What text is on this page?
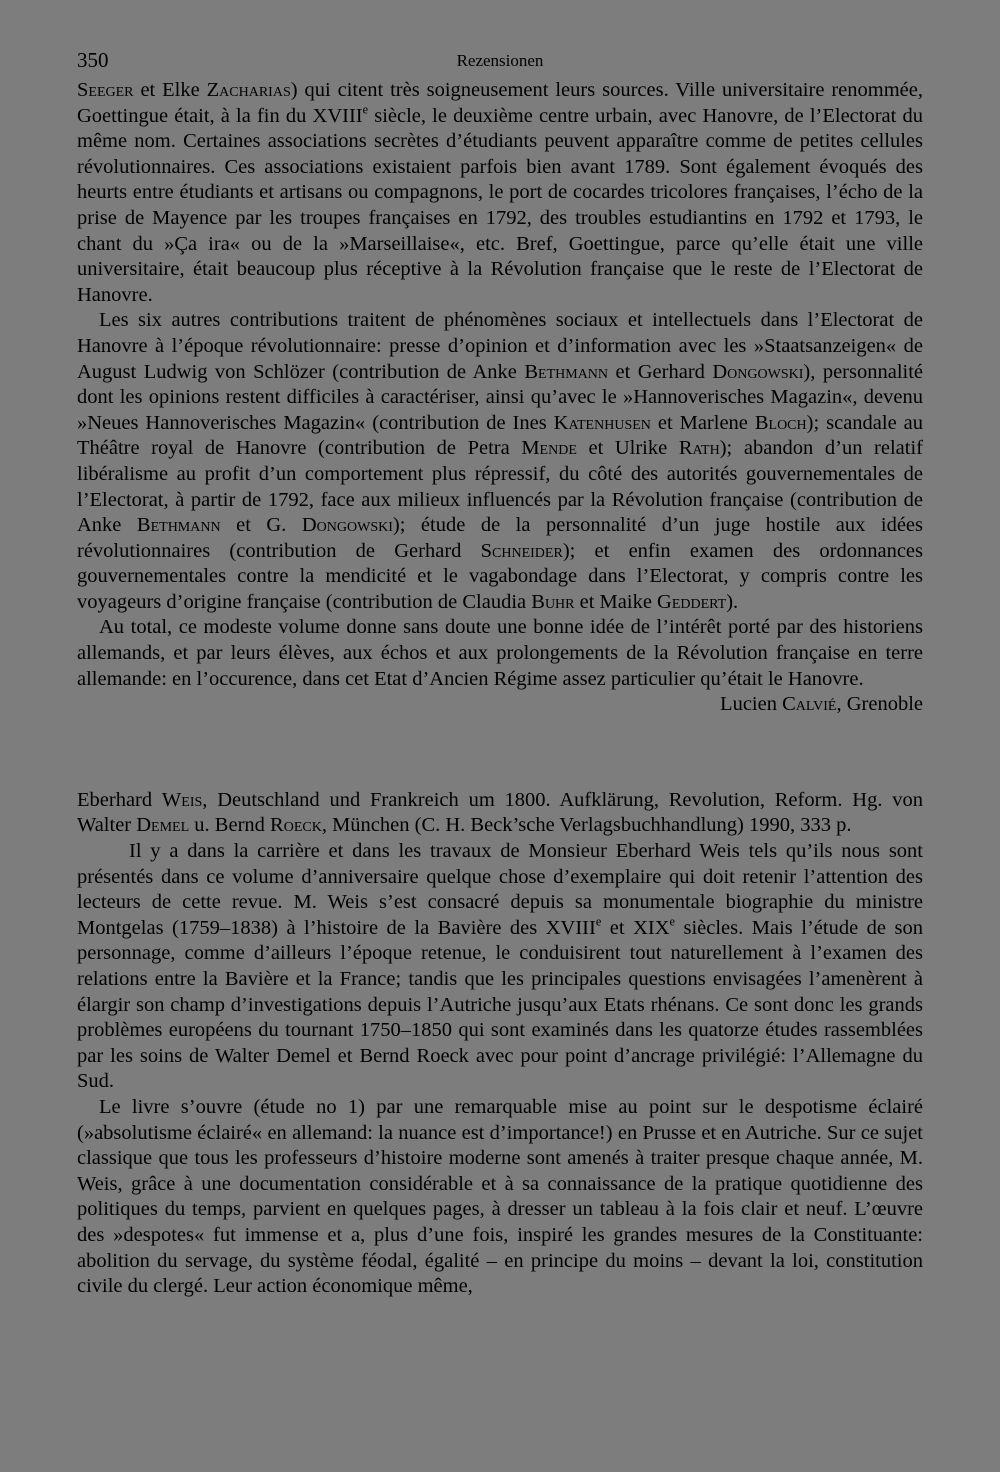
350	Rezensionen

Seeger et Elke Zacharias) qui citent très soigneusement leurs sources. Ville universitaire renommée, Goettingue était, à la fin du XVIIIe siècle, le deuxième centre urbain, avec Hanovre, de l’Electorat du même nom. Certaines associations secrètes d’étudiants peuvent apparaître comme de petites cellules révolutionnaires. Ces associations existaient parfois bien avant 1789. Sont également évoqués des heurts entre étudiants et artisans ou compagnons, le port de cocardes tricolores françaises, l’écho de la prise de Mayence par les troupes françaises en 1792, des troubles estudiantins en 1792 et 1793, le chant du »Ça ira« ou de la »Marseillaise«, etc. Bref, Goettingue, parce qu’elle était une ville universitaire, était beaucoup plus réceptive à la Révolution française que le reste de l’Electorat de Hanovre.

Les six autres contributions traitent de phénomènes sociaux et intellectuels dans l’Electorat de Hanovre à l’époque révolutionnaire: presse d’opinion et d’information avec les »Staatsanzeigen« de August Ludwig von Schlözer (contribution de Anke Bethmann et Gerhard Dongowski), personnalité dont les opinions restent difficiles à caractériser, ainsi qu’avec le »Hannoverisches Magazin«, devenu »Neues Hannoverisches Magazin« (contribution de Ines Katenhusen et Marlene Bloch); scandale au Théâtre royal de Hanovre (contribution de Petra Mende et Ulrike Rath); abandon d’un relatif libéralisme au profit d’un comportement plus répressif, du côté des autorités gouvernementales de l’Electorat, à partir de 1792, face aux milieux influencés par la Révolution française (contribution de Anke Bethmann et G. Dongowski); étude de la personnalité d’un juge hostile aux idées révolutionnaires (contribution de Gerhard Schneider); et enfin examen des ordonnances gouvernementales contre la mendicité et le vagabondage dans l’Electorat, y compris contre les voyageurs d’origine française (contribution de Claudia Buhr et Maike Geddert).

Au total, ce modeste volume donne sans doute une bonne idée de l’intérêt porté par des historiens allemands, et par leurs élèves, aux échos et aux prolongements de la Révolution française en terre allemande: en l’occurence, dans cet Etat d’Ancien Régime assez particulier qu’était le Hanovre.

Lucien Calvié, Grenoble

Eberhard Weis, Deutschland und Frankreich um 1800. Aufklärung, Revolution, Reform. Hg. von Walter Demel u. Bernd Roeck, München (C. H. Beck’sche Verlagsbuchhandlung) 1990, 333 p.

Il y a dans la carrière et dans les travaux de Monsieur Eberhard Weis tels qu’ils nous sont présentés dans ce volume d’anniversaire quelque chose d’exemplaire qui doit retenir l’attention des lecteurs de cette revue. M. Weis s’est consacré depuis sa monumentale biographie du ministre Montgelas (1759–1838) à l’histoire de la Bavière des XVIIIe et XIXe siècles. Mais l’étude de son personnage, comme d’ailleurs l’époque retenue, le conduisirent tout naturellement à l’examen des relations entre la Bavière et la France; tandis que les principales questions envisagées l’amenèrent à élargir son champ d’investigations depuis l’Autriche jusqu’aux Etats rhénans. Ce sont donc les grands problèmes européens du tournant 1750–1850 qui sont examinés dans les quatorze études rassemblées par les soins de Walter Demel et Bernd Roeck avec pour point d’ancrage privilégié: l’Allemagne du Sud.

Le livre s’ouvre (étude no 1) par une remarquable mise au point sur le despotisme éclairé (»absolutisme éclairé« en allemand: la nuance est d’importance!) en Prusse et en Autriche. Sur ce sujet classique que tous les professeurs d’histoire moderne sont amenés à traiter presque chaque année, M. Weis, grâce à une documentation considérable et à sa connaissance de la pratique quotidienne des politiques du temps, parvient en quelques pages, à dresser un tableau à la fois clair et neuf. L’œuvre des »despotes« fut immense et a, plus d’une fois, inspiré les grandes mesures de la Constituante: abolition du servage, du système féodal, égalité – en principe du moins – devant la loi, constitution civile du clergé. Leur action économique même,
